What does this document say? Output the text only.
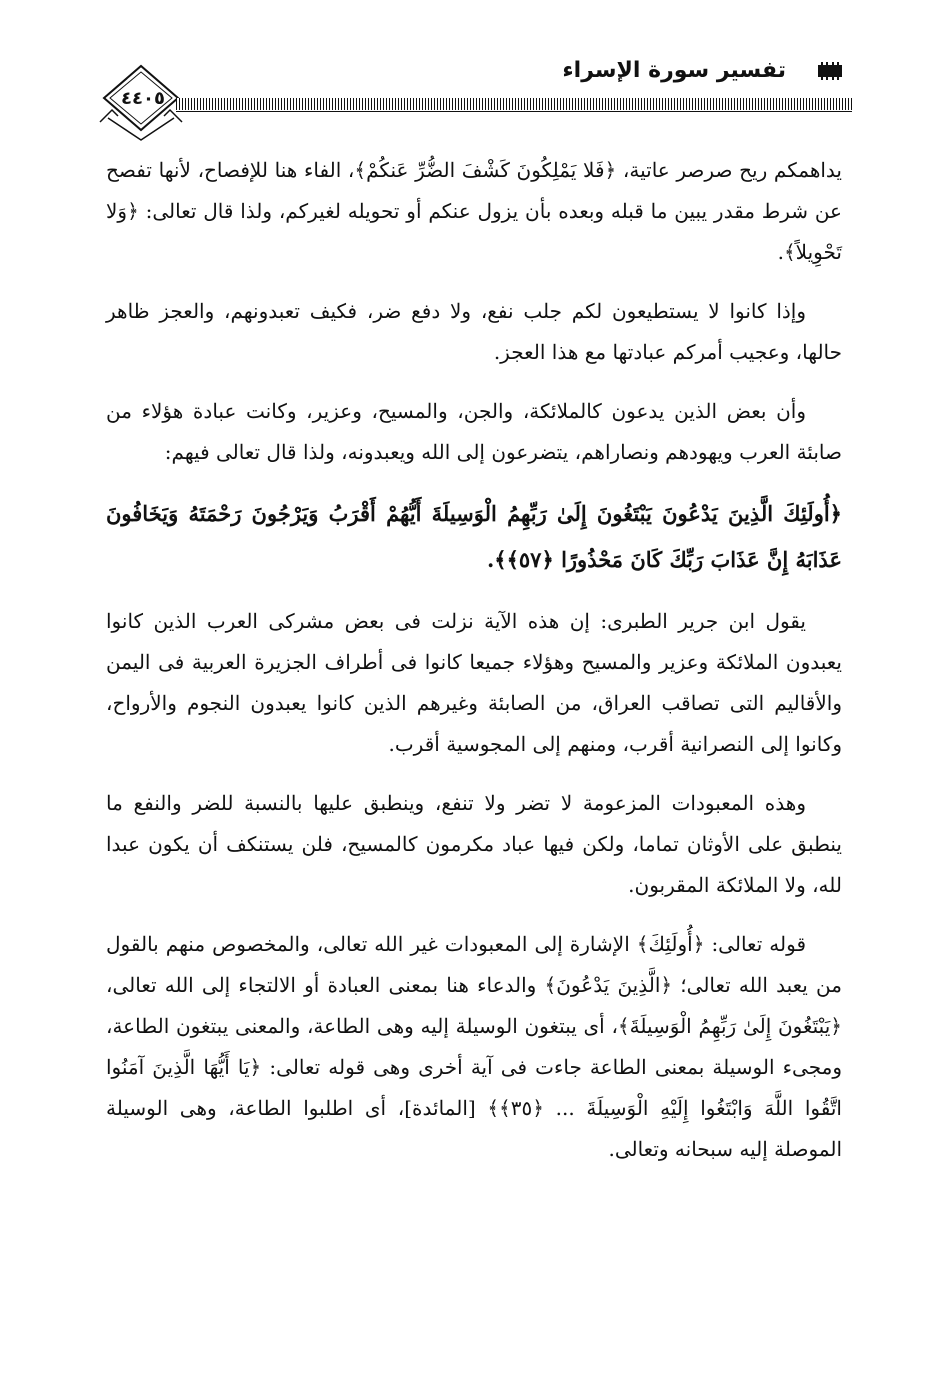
٤٤٠٥
تفسير سورة الإسراء

يداهمكم ريح صرصر عاتية، ﴿فَلا يَمْلِكُونَ كَشْفَ الضُّرِّ عَنكُمْ﴾، الفاء هنا للإفصاح، لأنها تفصح عن شرط مقدر يبين ما قبله وبعده بأن يزول عنكم أو تحويله لغيركم، ولذا قال تعالى: ﴿وَلا تَحْوِيلاً﴾.

وإذا كانوا لا يستطيعون لكم جلب نفع، ولا دفع ضر، فكيف تعبدونهم، والعجز ظاهر حالها، وعجيب أمركم عبادتها مع هذا العجز.

وأن بعض الذين يدعون كالملائكة، والجن، والمسيح، وعزير، وكانت عبادة هؤلاء من صابئة العرب ويهودهم ونصاراهم، يتضرعون إلى الله ويعبدونه، ولذا قال تعالى فيهم:

﴿أُولَئِكَ الَّذِينَ يَدْعُونَ يَبْتَغُونَ إِلَىٰ رَبِّهِمُ الْوَسِيلَةَ أَيُّهُمْ أَقْرَبُ وَيَرْجُونَ رَحْمَتَهُ وَيَخَافُونَ عَذَابَهُ إِنَّ عَذَابَ رَبِّكَ كَانَ مَحْذُورًا ﴿٥٧﴾﴾.

يقول ابن جرير الطبرى: إن هذه الآية نزلت فى بعض مشركى العرب الذين كانوا يعبدون الملائكة وعزير والمسيح وهؤلاء جميعا كانوا فى أطراف الجزيرة العربية فى اليمن والأقاليم التى تصاقب العراق، من الصابئة وغيرهم الذين كانوا يعبدون النجوم والأرواح، وكانوا إلى النصرانية أقرب، ومنهم إلى المجوسية أقرب.

وهذه المعبودات المزعومة لا تضر ولا تنفع، وينطبق عليها بالنسبة للضر والنفع ما ينطبق على الأوثان تماما، ولكن فيها عباد مكرمون كالمسيح، فلن يستنكف أن يكون عبدا لله، ولا الملائكة المقربون.

قوله تعالى: ﴿أُولَئِكَ﴾ الإشارة إلى المعبودات غير الله تعالى، والمخصوص منهم بالقول من يعبد الله تعالى؛ ﴿الَّذِينَ يَدْعُونَ﴾ والدعاء هنا بمعنى العبادة أو الالتجاء إلى الله تعالى، ﴿يَبْتَغُونَ إِلَىٰ رَبِّهِمُ الْوَسِيلَةَ﴾، أى يبتغون الوسيلة إليه وهى الطاعة، والمعنى يبتغون الطاعة، ومجىء الوسيلة بمعنى الطاعة جاءت فى آية أخرى وهى قوله تعالى: ﴿يَا أَيُّهَا الَّذِينَ آمَنُوا اتَّقُوا اللَّهَ وَابْتَغُوا إِلَيْهِ الْوَسِيلَةَ ... ﴿٣٥﴾﴾ [المائدة]، أى اطلبوا الطاعة، وهى الوسيلة الموصلة إليه سبحانه وتعالى.
